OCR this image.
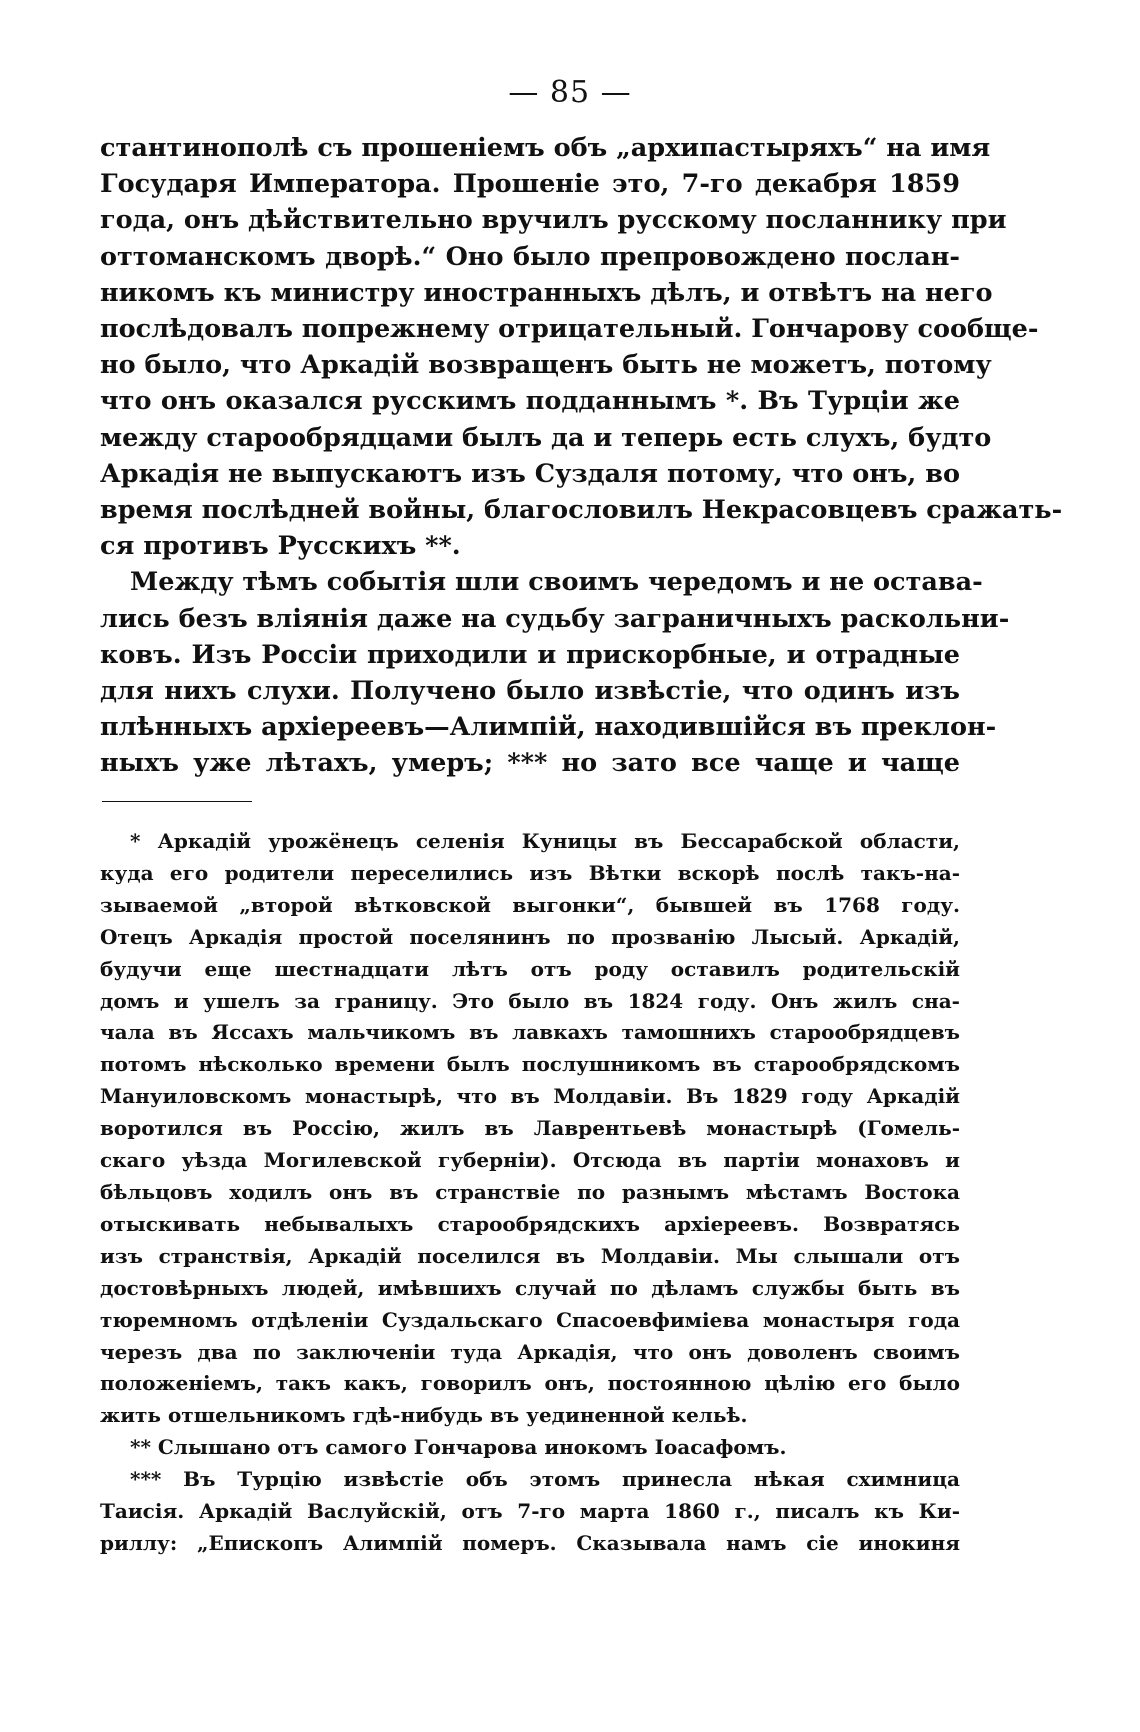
— 85 —
стантинополѣ съ прошеніемъ объ „архипастыряхъ“ на имя
Государя Императора. Прошеніе это, 7-го декабря 1859
года, онъ дѣйствительно вручилъ русскому посланнику при
оттоманскомъ дворѣ.“ Оно было препровождено послан-
никомъ къ министру иностранныхъ дѣлъ, и отвѣтъ на него
послѣдовалъ попрежнему отрицательный. Гончарову сообще-
но было, что Аркадій возвращенъ быть не можетъ, потому
что онъ оказался русскимъ подданнымъ *. Въ Турціи же
между старообрядцами былъ да и теперь есть слухъ, будто
Аркадія не выпускаютъ изъ Суздаля потому, что онъ, во
время послѣдней войны, благословилъ Некрасовцевъ сражать-
ся противъ Русскихъ **.
Между тѣмъ событія шли своимъ чередомъ и не остава-
лись безъ вліянія даже на судьбу заграничныхъ раскольни-
ковъ. Изъ Россіи приходили и прискорбные, и отрадные
для нихъ слухи. Получено было извѣстіе, что одинъ изъ
плѣнныхъ архіереевъ—Алимпій, находившійся въ преклон-
ныхъ уже лѣтахъ, умеръ; *** но зато все чаще и чаще
* Аркадій урожёнецъ селенія Куницы въ Бессарабской области,
куда его родители переселились изъ Вѣтки вскорѣ послѣ такъ-на-
зываемой „второй вѣтковской выгонки“, бывшей въ 1768 году.
Отецъ Аркадія простой поселянинъ по прозванію Лысый. Аркадій,
будучи еще шестнадцати лѣтъ отъ роду оставилъ родительскій
домъ и ушелъ за границу. Это было въ 1824 году. Онъ жилъ сна-
чала въ Яссахъ мальчикомъ въ лавкахъ тамошнихъ старообрядцевъ
потомъ нѣсколько времени былъ послушникомъ въ старообрядскомъ
Мануиловскомъ монастырѣ, что въ Молдавіи. Въ 1829 году Аркадій
воротился въ Россію, жилъ въ Лаврентьевѣ монастырѣ (Гомель-
скаго уѣзда Могилевской губерніи). Отсюда въ партіи монаховъ и
бѣльцовъ ходилъ онъ въ странствіе по разнымъ мѣстамъ Востока
отыскивать небывалыхъ старообрядскихъ архіереевъ. Возвратясь
изъ странствія, Аркадій поселился въ Молдавіи. Мы слышали отъ
достовѣрныхъ людей, имѣвшихъ случай по дѣламъ службы быть въ
тюремномъ отдѣленіи Суздальскаго Спасоевфиміева монастыря года
черезъ два по заключеніи туда Аркадія, что онъ доволенъ своимъ
положеніемъ, такъ какъ, говорилъ онъ, постоянною цѣлію его было
жить отшельникомъ гдѣ-нибудь въ уединенной кельѣ.
** Слышано отъ самого Гончарова инокомъ Іоасафомъ.
*** Въ Турцію извѣстіе объ этомъ принесла нѣкая схимница
Таисія. Аркадій Васлуйскій, отъ 7-го марта 1860 г., писалъ къ Ки-
риллу: „Епископъ Алимпій померъ. Сказывала намъ сіе инокиня
